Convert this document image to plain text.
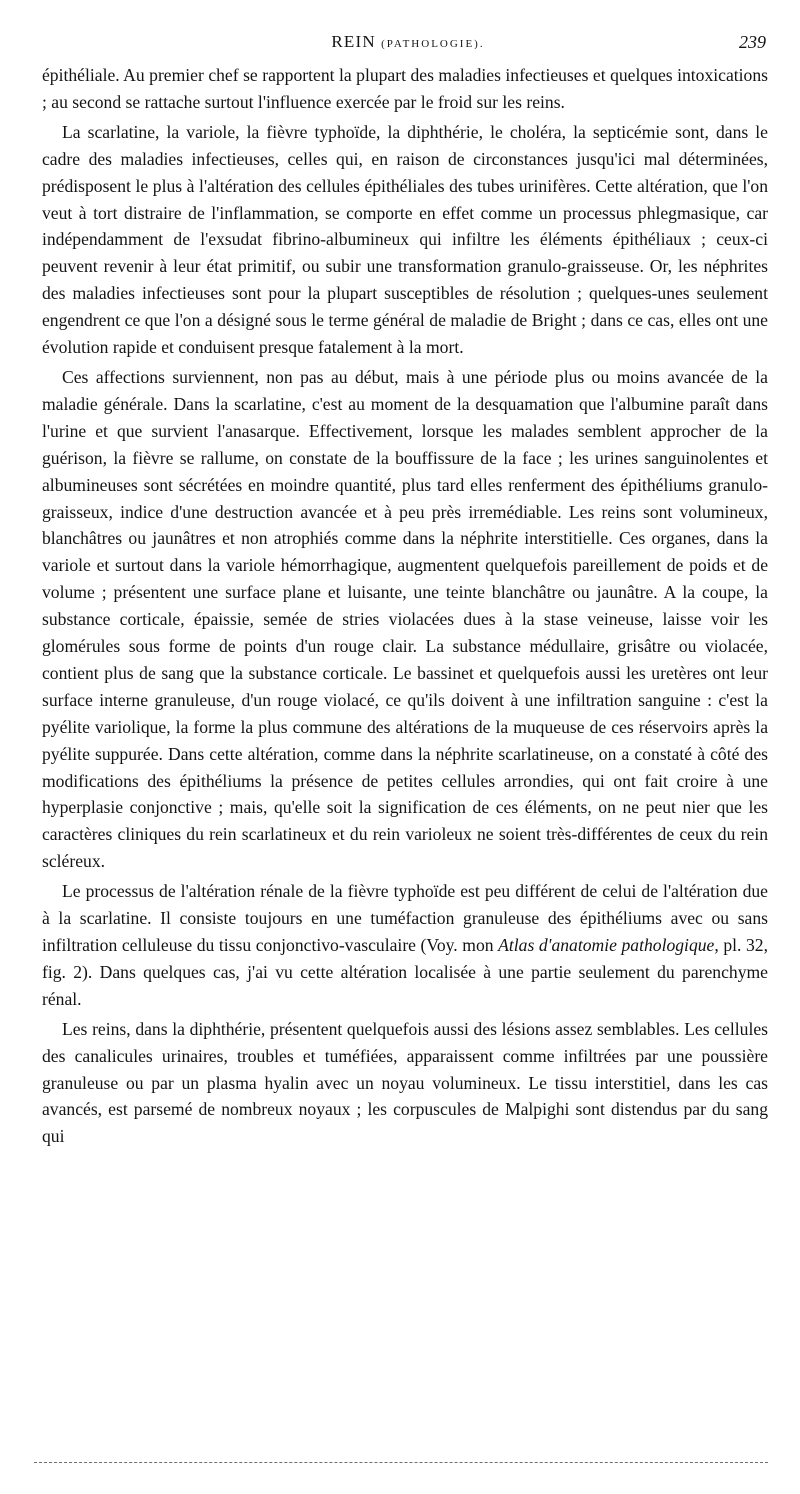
REIN (PATHOLOGIE).	239

épithéliale. Au premier chef se rapportent la plupart des maladies infectieuses et quelques intoxications ; au second se rattache surtout l'influence exercée par le froid sur les reins.

La scarlatine, la variole, la fièvre typhoïde, la diphthérie, le choléra, la septicémie sont, dans le cadre des maladies infectieuses, celles qui, en raison de circonstances jusqu'ici mal déterminées, prédisposent le plus à l'altération des cellules épithéliales des tubes urinifères. Cette altération, que l'on veut à tort distraire de l'inflammation, se comporte en effet comme un processus phlegmasique, car indépendamment de l'exsudat fibrino-albumineux qui infiltre les éléments épithéliaux ; ceux-ci peuvent revenir à leur état primitif, ou subir une transformation granulo-graisseuse. Or, les néphrites des maladies infectieuses sont pour la plupart susceptibles de résolution ; quelques-unes seulement engendrent ce que l'on a désigné sous le terme général de maladie de Bright ; dans ce cas, elles ont une évolution rapide et conduisent presque fatalement à la mort.

Ces affections surviennent, non pas au début, mais à une période plus ou moins avancée de la maladie générale. Dans la scarlatine, c'est au moment de la desquamation que l'albumine paraît dans l'urine et que survient l'anasarque. Effectivement, lorsque les malades semblent approcher de la guérison, la fièvre se rallume, on constate de la bouffissure de la face ; les urines sanguinolentes et albumineuses sont sécrétées en moindre quantité, plus tard elles renferment des épithéliums granulo-graisseux, indice d'une destruction avancée et à peu près irremédiable. Les reins sont volumineux, blanchâtres ou jaunâtres et non atrophiés comme dans la néphrite interstitielle. Ces organes, dans la variole et surtout dans la variole hémorrhagique, augmentent quelquefois pareillement de poids et de volume ; présentent une surface plane et luisante, une teinte blanchâtre ou jaunâtre. A la coupe, la substance corticale, épaissie, semée de stries violacées dues à la stase veineuse, laisse voir les glomérules sous forme de points d'un rouge clair. La substance médullaire, grisâtre ou violacée, contient plus de sang que la substance corticale. Le bassinet et quelquefois aussi les uretères ont leur surface interne granuleuse, d'un rouge violacé, ce qu'ils doivent à une infiltration sanguine : c'est la pyélite variolique, la forme la plus commune des altérations de la muqueuse de ces réservoirs après la pyélite suppurée. Dans cette altération, comme dans la néphrite scarlatineuse, on a constaté à côté des modifications des épithéliums la présence de petites cellules arrondies, qui ont fait croire à une hyperplasie conjonctive ; mais, qu'elle soit la signification de ces éléments, on ne peut nier que les caractères cliniques du rein scarlatineux et du rein varioleux ne soient très-différentes de ceux du rein scléreux.

Le processus de l'altération rénale de la fièvre typhoïde est peu différent de celui de l'altération due à la scarlatine. Il consiste toujours en une tuméfaction granuleuse des épithéliums avec ou sans infiltration celluleuse du tissu conjonctivo-vasculaire (Voy. mon Atlas d'anatomie pathologique, pl. 32, fig. 2). Dans quelques cas, j'ai vu cette altération localisée à une partie seulement du parenchyme rénal.

Les reins, dans la diphthérie, présentent quelquefois aussi des lésions assez semblables. Les cellules des canalicules urinaires, troubles et tuméfiées, apparaissent comme infiltrées par une poussière granuleuse ou par un plasma hyalin avec un noyau volumineux. Le tissu interstitiel, dans les cas avancés, est parsemé de nombreux noyaux ; les corpuscules de Malpighi sont distendus par du sang qui
